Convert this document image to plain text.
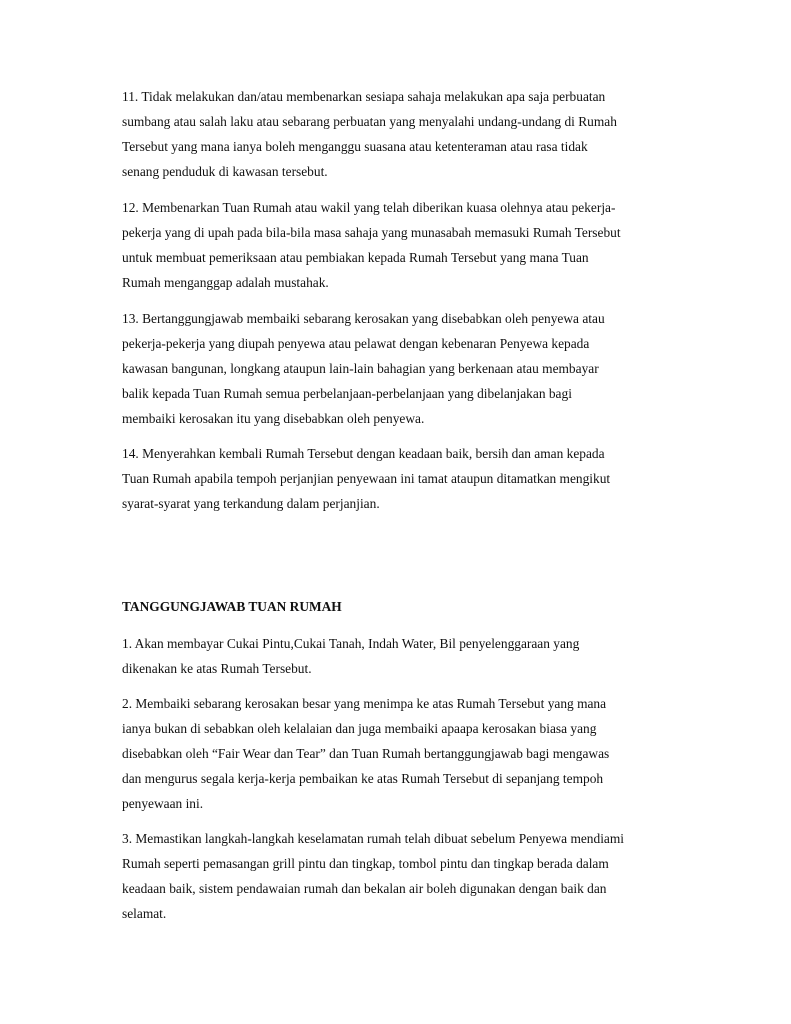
11. Tidak melakukan dan/atau membenarkan sesiapa sahaja melakukan apa saja perbuatan
sumbang atau salah laku atau sebarang perbuatan yang menyalahi undang-undang di Rumah
Tersebut yang mana ianya boleh menganggu suasana atau ketenteraman atau rasa tidak
senang penduduk di kawasan tersebut.
12. Membenarkan Tuan Rumah atau wakil yang telah diberikan kuasa olehnya atau pekerja-
pekerja yang di upah pada bila-bila masa sahaja yang munasabah memasuki Rumah Tersebut
untuk membuat pemeriksaan atau pembiakan kepada Rumah Tersebut yang mana Tuan
Rumah menganggap adalah mustahak.
13. Bertanggungjawab membaiki sebarang kerosakan yang disebabkan oleh penyewa atau
pekerja-pekerja yang diupah penyewa atau pelawat dengan kebenaran Penyewa kepada
kawasan bangunan, longkang ataupun lain-lain bahagian yang berkenaan atau membayar
balik kepada Tuan Rumah semua perbelanjaan-perbelanjaan yang dibelanjakan bagi
membaiki kerosakan itu yang disebabkan oleh penyewa.
14. Menyerahkan kembali Rumah Tersebut dengan keadaan baik, bersih dan aman kepada
Tuan Rumah apabila tempoh perjanjian penyewaan ini tamat ataupun ditamatkan mengikut
syarat-syarat yang terkandung dalam perjanjian.
TANGGUNGJAWAB TUAN RUMAH
1. Akan membayar Cukai Pintu,Cukai Tanah, Indah Water, Bil penyelenggaraan yang
dikenakan ke atas Rumah Tersebut.
2. Membaiki sebarang kerosakan besar yang menimpa ke atas Rumah Tersebut yang mana
ianya bukan di sebabkan oleh kelalaian dan juga membaiki apaapa kerosakan biasa yang
disebabkan oleh “Fair Wear dan Tear” dan Tuan Rumah bertanggungjawab bagi mengawas
dan mengurus segala kerja-kerja pembaikan ke atas Rumah Tersebut di sepanjang tempoh
penyewaan ini.
3. Memastikan langkah-langkah keselamatan rumah telah dibuat sebelum Penyewa mendiami
Rumah seperti pemasangan grill pintu dan tingkap, tombol pintu dan tingkap berada dalam
keadaan baik, sistem pendawaian rumah dan bekalan air boleh digunakan dengan baik dan
selamat.
